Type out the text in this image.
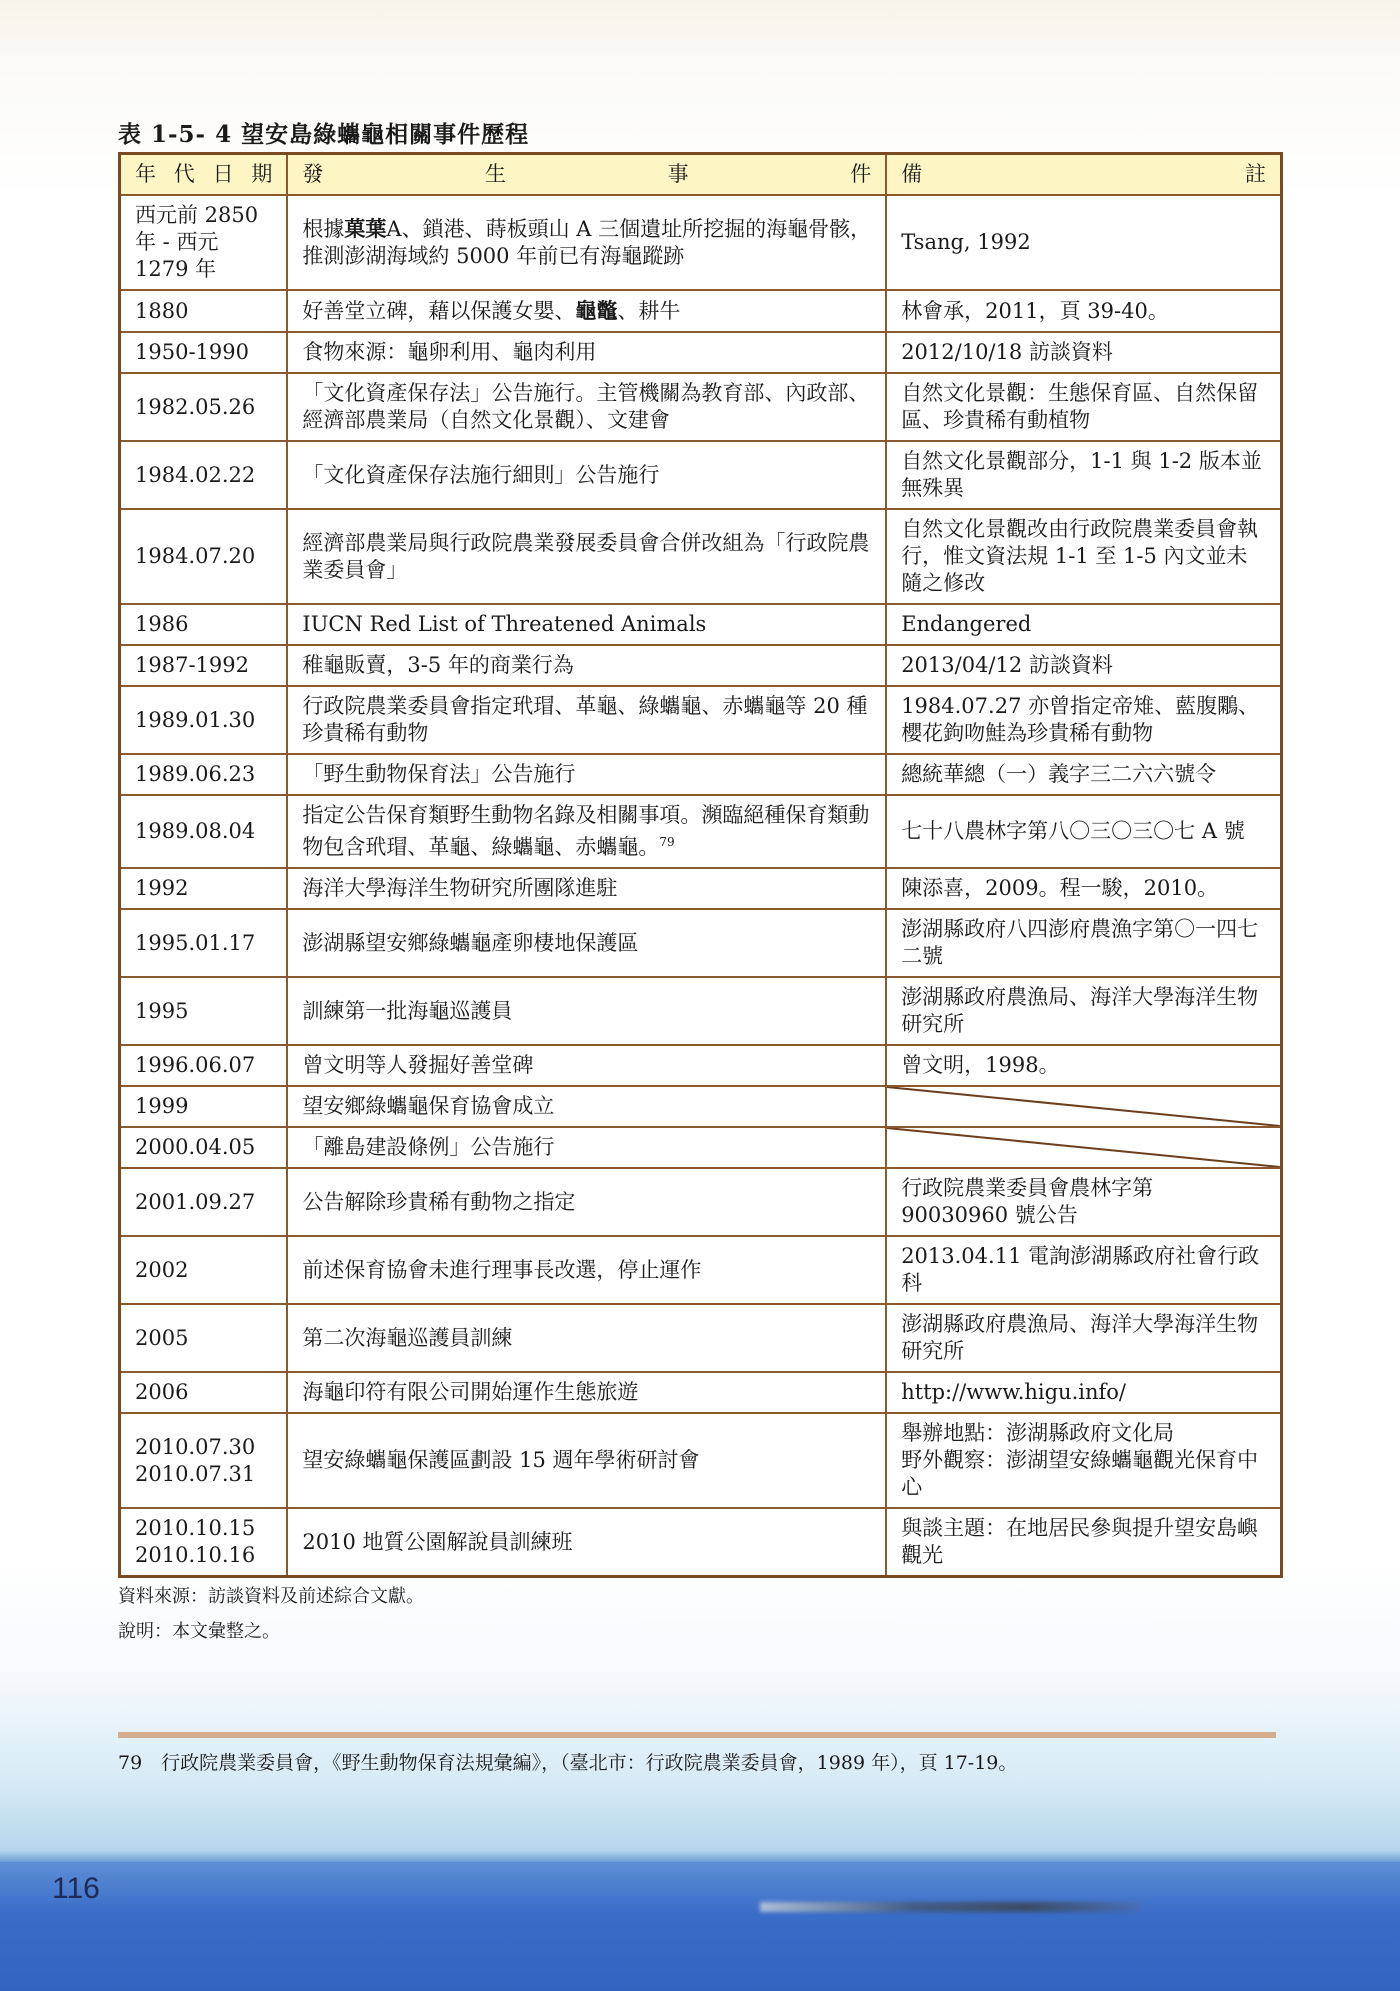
表 1-5- 4 望安島綠蠵龜相關事件歷程
年 代 日 期	發 生 事 件	備 註

西元前 2850 年 - 西元 1279 年	根據菓葉A、鎖港、蒔板頭山 A 三個遺址所挖掘的海龜骨骸，推測澎湖海域約 5000 年前已有海龜蹤跡	Tsang, 1992
1880	好善堂立碑，藉以保護女嬰、龜鼈、耕牛	林會承，2011，頁 39-40。
1950-1990	食物來源：龜卵利用、龜肉利用	2012/10/18 訪談資料
1982.05.26	「文化資產保存法」公告施行。主管機關為教育部、內政部、經濟部農業局（自然文化景觀）、文建會	自然文化景觀：生態保育區、自然保留區、珍貴稀有動植物
1984.02.22	「文化資產保存法施行細則」公告施行	自然文化景觀部分，1-1 與 1-2 版本並無殊異
1984.07.20	經濟部農業局與行政院農業發展委員會合併改組為「行政院農業委員會」	自然文化景觀改由行政院農業委員會執行，惟文資法規 1-1 至 1-5 內文並未隨之修改
1986	IUCN Red List of Threatened Animals	Endangered
1987-1992	稚龜販賣，3-5 年的商業行為	2013/04/12 訪談資料
1989.01.30	行政院農業委員會指定玳瑁、革龜、綠蠵龜、赤蠵龜等 20 種珍貴稀有動物	1984.07.27 亦曾指定帝雉、藍腹鷴、櫻花鉤吻鮭為珍貴稀有動物
1989.06.23	「野生動物保育法」公告施行	總統華總（一）義字三二六六號令
1989.08.04	指定公告保育類野生動物名錄及相關事項。瀕臨絕種保育類動物包含玳瑁、革龜、綠蠵龜、赤蠵龜。$^{79}$	七十八農林字第八〇三〇三〇七 A 號
1992	海洋大學海洋生物研究所團隊進駐	陳添喜，2009。程一駿，2010。
1995.01.17	澎湖縣望安鄉綠蠵龜產卵棲地保護區	澎湖縣政府八四澎府農漁字第〇一四七二號
1995	訓練第一批海龜巡護員	澎湖縣政府農漁局、海洋大學海洋生物研究所
1996.06.07	曾文明等人發掘好善堂碑	曾文明，1998。
1999	望安鄉綠蠵龜保育協會成立	

2000.04.05	「離島建設條例」公告施行	

2001.09.27	公告解除珍貴稀有動物之指定	行政院農業委員會農林字第 90030960 號公告
2002	前述保育協會未進行理事長改選，停止運作	2013.04.11 電詢澎湖縣政府社會行政科
2005	第二次海龜巡護員訓練	澎湖縣政府農漁局、海洋大學海洋生物研究所
2006	海龜印符有限公司開始運作生態旅遊	http://www.higu.info/
2010.07.30
2010.07.31	望安綠蠵龜保護區劃設 15 週年學術研討會	舉辦地點：澎湖縣政府文化局
野外觀察：澎湖望安綠蠵龜觀光保育中心
2010.10.15
2010.10.16	2010 地質公園解說員訓練班	與談主題：在地居民參與提升望安島嶼觀光
資料來源：訪談資料及前述綜合文獻。
說明：本文彙整之。
79　行政院農業委員會，《野生動物保育法規彙編》，（臺北市：行政院農業委員會，1989 年），頁 17-19。
116
